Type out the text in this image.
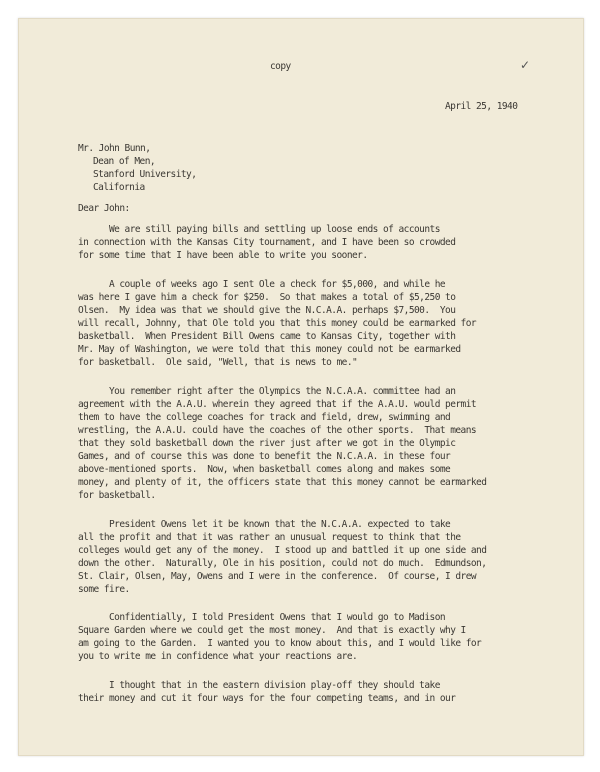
copy	✓
April 25, 1940
Mr. John Bunn,
Dean of Men,
Stanford University,
California
Dear John:
We are still paying bills and settling up loose ends of accounts
in connection with the Kansas City tournament, and I have been so crowded
for some time that I have been able to write you sooner.
A couple of weeks ago I sent Ole a check for $5,000, and while he
was here I gave him a check for $250.  So that makes a total of $5,250 to
Olsen.  My idea was that we should give the N.C.A.A. perhaps $7,500.  You
will recall, Johnny, that Ole told you that this money could be earmarked for
basketball.  When President Bill Owens came to Kansas City, together with
Mr. May of Washington, we were told that this money could not be earmarked
for basketball.  Ole said, "Well, that is news to me."
You remember right after the Olympics the N.C.A.A. committee had an
agreement with the A.A.U. wherein they agreed that if the A.A.U. would permit
them to have the college coaches for track and field, drew, swimming and
wrestling, the A.A.U. could have the coaches of the other sports.  That means
that they sold basketball down the river just after we got in the Olympic
Games, and of course this was done to benefit the N.C.A.A. in these four
above-mentioned sports.  Now, when basketball comes along and makes some
money, and plenty of it, the officers state that this money cannot be earmarked
for basketball.
President Owens let it be known that the N.C.A.A. expected to take
all the profit and that it was rather an unusual request to think that the
colleges would get any of the money.  I stood up and battled it up one side and
down the other.  Naturally, Ole in his position, could not do much.  Edmundson,
St. Clair, Olsen, May, Owens and I were in the conference.  Of course, I drew
some fire.
Confidentially, I told President Owens that I would go to Madison
Square Garden where we could get the most money.  And that is exactly why I
am going to the Garden.  I wanted you to know about this, and I would like for
you to write me in confidence what your reactions are.
I thought that in the eastern division play-off they should take
their money and cut it four ways for the four competing teams, and in our
